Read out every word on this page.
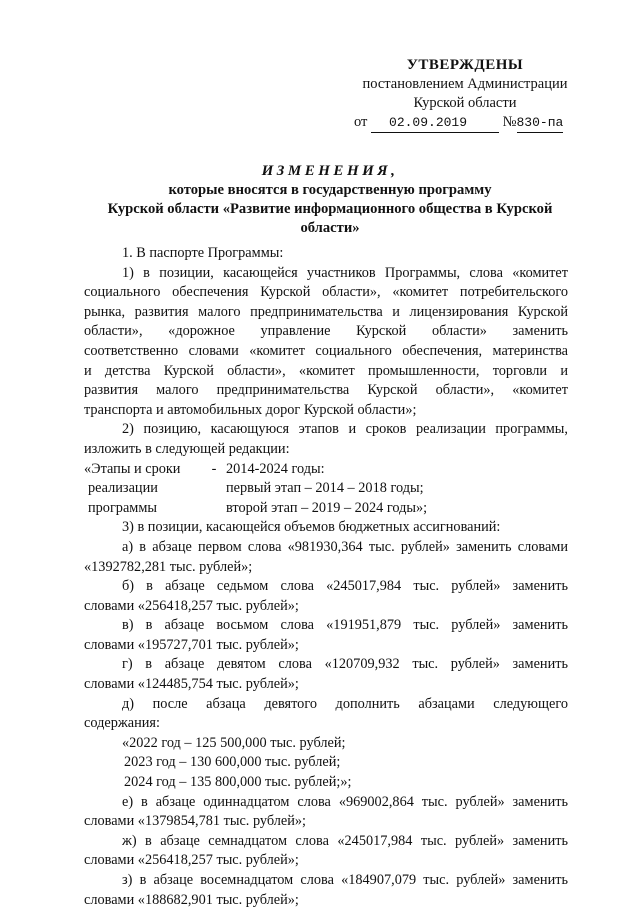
УТВЕРЖДЕНЫ
постановлением Администрации
Курской области
от 02.09.2019 №830-па
ИЗМЕНЕНИЯ,
которые вносятся в государственную программу
Курской области «Развитие информационного общества в Курской
области»

1. В паспорте Программы:

1) в позиции, касающейся участников Программы, слова «комитет

социального обеспечения Курской области», «комитет потребительского

рынка, развития малого предпринимательства и лицензирования Курской

области», «дорожное управление Курской области» заменить

соответственно словами «комитет социального обеспечения, материнства

и детства Курской области», «комитет промышленности, торговли и

развития малого предпринимательства Курской области», «комитет

транспорта и автомобильных дорог Курской области»;

2) позицию, касающуюся этапов и сроков реализации программы,

изложить в следующей редакции:

«Этапы и сроки	- 2014-2024 годы:
реализации	первый этап – 2014 – 2018 годы;
программы	второй этап – 2019 – 2024 годы»;

3) в позиции, касающейся объемов бюджетных ассигнований:

а) в абзаце первом слова «981930,364 тыс. рублей» заменить словами

«1392782,281 тыс. рублей»;

б) в абзаце седьмом слова «245017,984 тыс. рублей» заменить

словами «256418,257 тыс. рублей»;

в) в абзаце восьмом слова «191951,879 тыс. рублей» заменить

словами «195727,701 тыс. рублей»;

г) в абзаце девятом слова «120709,932 тыс. рублей» заменить

словами «124485,754 тыс. рублей»;

д) после абзаца девятого дополнить абзацами следующего

содержания:

«2022 год – 125 500,000 тыс. рублей;

2023 год – 130 600,000 тыс. рублей;

2024 год – 135 800,000 тыс. рублей;»;

е) в абзаце одиннадцатом слова «969002,864 тыс. рублей» заменить

словами «1379854,781 тыс. рублей»;

ж) в абзаце семнадцатом слова «245017,984 тыс. рублей» заменить

словами «256418,257 тыс. рублей»;

з) в абзаце восемнадцатом слова «184907,079 тыс. рублей» заменить

словами «188682,901 тыс. рублей»;
